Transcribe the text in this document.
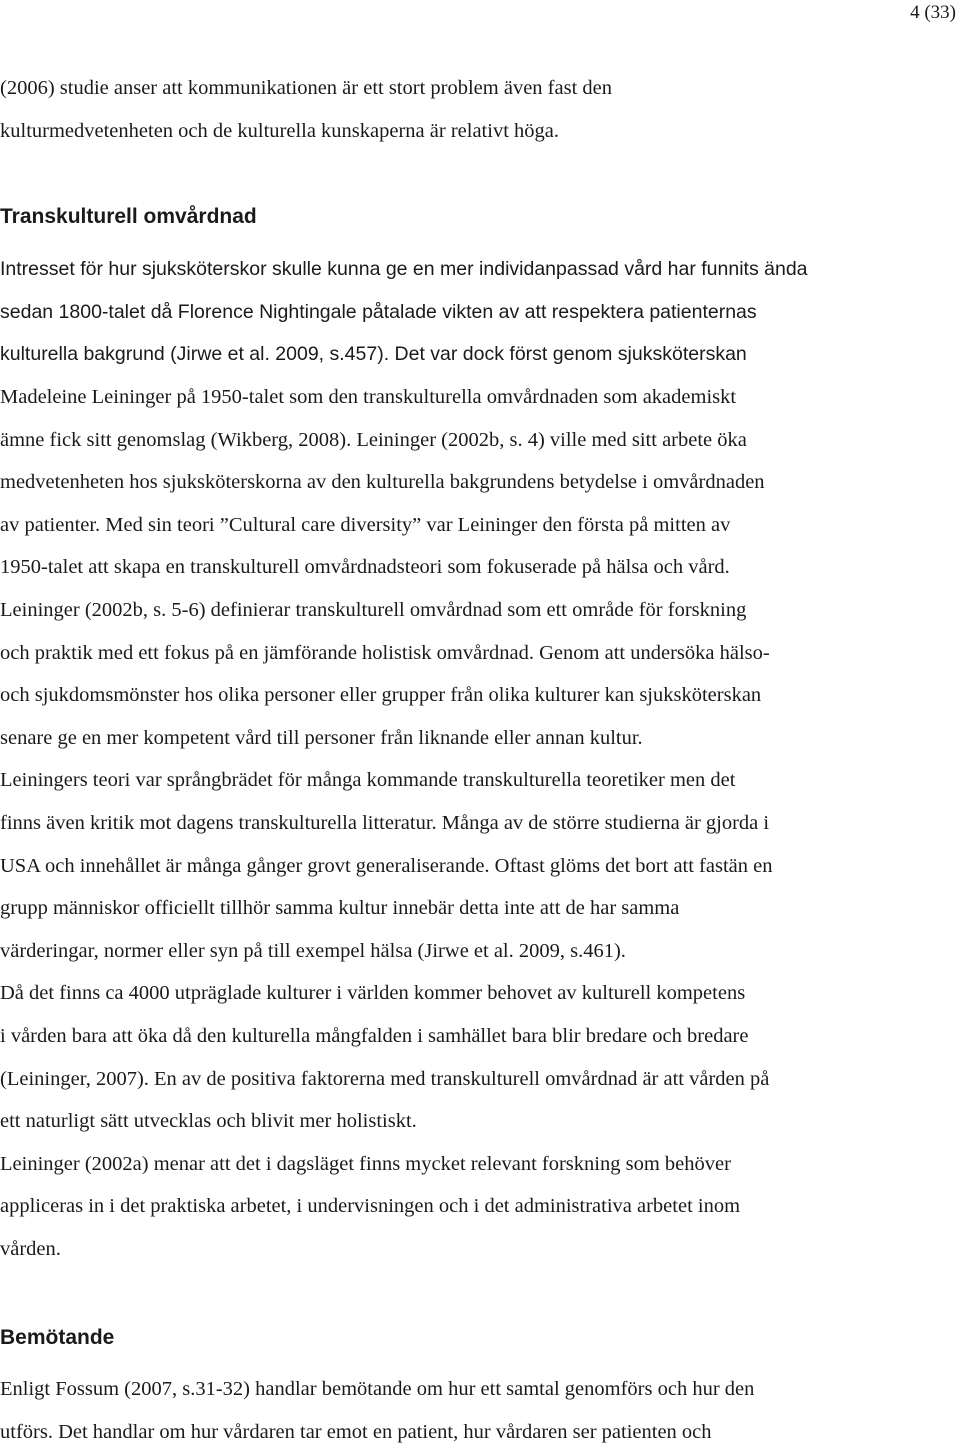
4 (33)

(2006) studie anser att kommunikationen är ett stort problem även fast den
kulturmedvetenheten och de kulturella kunskaperna är relativt höga.

Transkulturell omvårdnad

Intresset för hur sjuksköterskor skulle kunna ge en mer individanpassad vård har funnits ända
sedan 1800-talet då Florence Nightingale påtalade vikten av att respektera patienternas
kulturella bakgrund (Jirwe et al. 2009, s.457). Det var dock först genom sjuksköterskan

Madeleine Leininger på 1950-talet som den transkulturella omvårdnaden som akademiskt
ämne fick sitt genomslag (Wikberg, 2008). Leininger (2002b, s. 4) ville med sitt arbete öka
medvetenheten hos sjuksköterskorna av den kulturella bakgrundens betydelse i omvårdnaden
av patienter. Med sin teori ”Cultural care diversity” var Leininger den första på mitten av
1950-talet att skapa en transkulturell omvårdnadsteori som fokuserade på hälsa och vård.
Leininger (2002b, s. 5-6) definierar transkulturell omvårdnad som ett område för forskning
och praktik med ett fokus på en jämförande holistisk omvårdnad. Genom att undersöka hälso-
och sjukdomsmönster hos olika personer eller grupper från olika kulturer kan sjuksköterskan
senare ge en mer kompetent vård till personer från liknande eller annan kultur.
Leiningers teori var språngbrädet för många kommande transkulturella teoretiker men det
finns även kritik mot dagens transkulturella litteratur. Många av de större studierna är gjorda i
USA och innehållet är många gånger grovt generaliserande. Oftast glöms det bort att fastän en
grupp människor officiellt tillhör samma kultur innebär detta inte att de har samma
värderingar, normer eller syn på till exempel hälsa (Jirwe et al. 2009, s.461).
Då det finns ca 4000 utpräglade kulturer i världen kommer behovet av kulturell kompetens
i vården bara att öka då den kulturella mångfalden i samhället bara blir bredare och bredare
(Leininger, 2007). En av de positiva faktorerna med transkulturell omvårdnad är att vården på
ett naturligt sätt utvecklas och blivit mer holistiskt.
Leininger (2002a) menar att det i dagsläget finns mycket relevant forskning som behöver
appliceras in i det praktiska arbetet, i undervisningen och i det administrativa arbetet inom
vården.

Bemötande

Enligt Fossum (2007, s.31-32) handlar bemötande om hur ett samtal genomförs och hur den
utförs. Det handlar om hur vårdaren tar emot en patient, hur vårdaren ser patienten och
